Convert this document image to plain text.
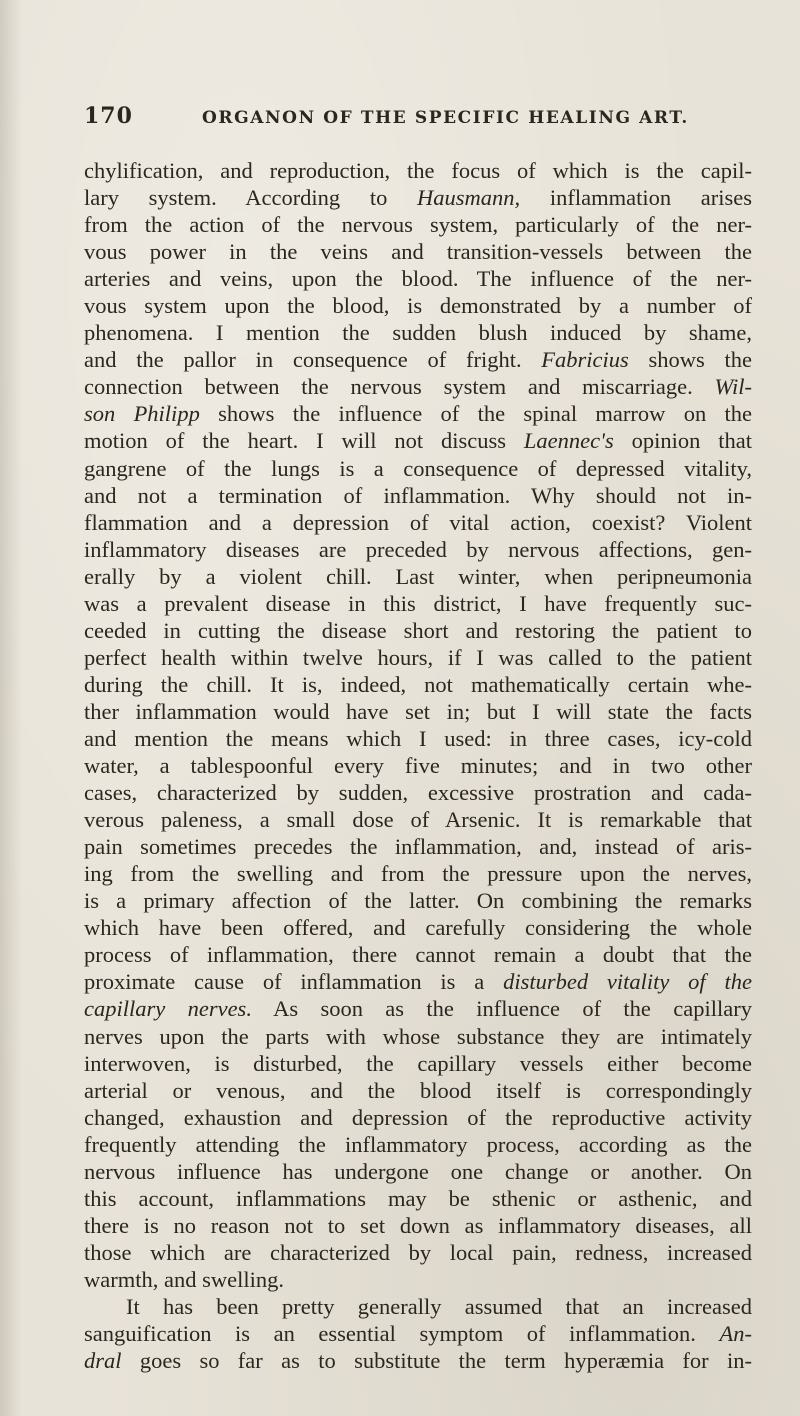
170	ORGANON OF THE SPECIFIC HEALING ART.
chylification, and reproduction, the focus of which is the capil-
lary system. According to Hausmann, inflammation arises
from the action of the nervous system, particularly of the ner-
vous power in the veins and transition-vessels between the
arteries and veins, upon the blood. The influence of the ner-
vous system upon the blood, is demonstrated by a number of
phenomena. I mention the sudden blush induced by shame,
and the pallor in consequence of fright. Fabricius shows the
connection between the nervous system and miscarriage. Wil-
son Philipp shows the influence of the spinal marrow on the
motion of the heart. I will not discuss Laennec's opinion that
gangrene of the lungs is a consequence of depressed vitality,
and not a termination of inflammation. Why should not in-
flammation and a depression of vital action, coexist? Violent
inflammatory diseases are preceded by nervous affections, gen-
erally by a violent chill. Last winter, when peripneumonia
was a prevalent disease in this district, I have frequently suc-
ceeded in cutting the disease short and restoring the patient to
perfect health within twelve hours, if I was called to the patient
during the chill. It is, indeed, not mathematically certain whe-
ther inflammation would have set in; but I will state the facts
and mention the means which I used: in three cases, icy-cold
water, a tablespoonful every five minutes; and in two other
cases, characterized by sudden, excessive prostration and cada-
verous paleness, a small dose of Arsenic. It is remarkable that
pain sometimes precedes the inflammation, and, instead of aris-
ing from the swelling and from the pressure upon the nerves,
is a primary affection of the latter. On combining the remarks
which have been offered, and carefully considering the whole
process of inflammation, there cannot remain a doubt that the
proximate cause of inflammation is a disturbed vitality of the
capillary nerves. As soon as the influence of the capillary
nerves upon the parts with whose substance they are intimately
interwoven, is disturbed, the capillary vessels either become
arterial or venous, and the blood itself is correspondingly
changed, exhaustion and depression of the reproductive activity
frequently attending the inflammatory process, according as the
nervous influence has undergone one change or another. On
this account, inflammations may be sthenic or asthenic, and
there is no reason not to set down as inflammatory diseases, all
those which are characterized by local pain, redness, increased
warmth, and swelling.
It has been pretty generally assumed that an increased
sanguification is an essential symptom of inflammation. An-
dral goes so far as to substitute the term hyperæmia for in-
